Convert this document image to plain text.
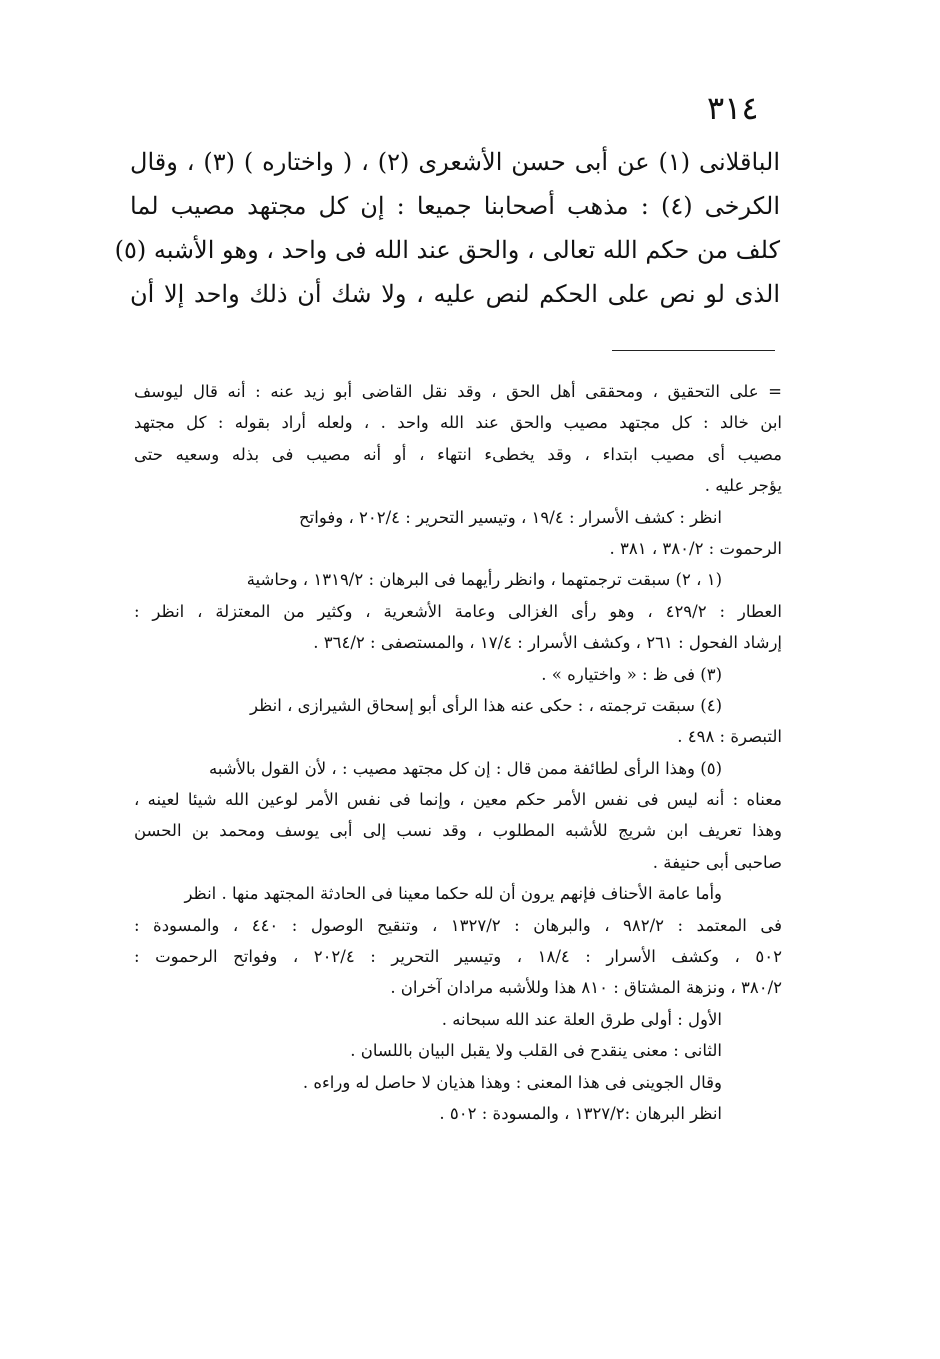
٣١٤
الباقلانى (١) عن أبى حسن الأشعرى (٢) ، ( واختاره ) (٣) ، وقال
الكرخى (٤) : مذهب أصحابنا جميعا : إن كل مجتهد مصيب لما
كلف من حكم الله تعالى ، والحق عند الله فى واحد ، وهو الأشبه (٥)
الذى لو نص على الحكم لنص عليه ، ولا شك أن ذلك واحد إلا أن
= على التحقيق ، ومحققى أهل الحق ، وقد نقل القاضى أبو زيد عنه : أنه قال ليوسف
ابن خالد : كل مجتهد مصيب والحق عند الله واحد . ، ولعله أراد بقوله : كل مجتهد
مصيب أى مصيب ابتداء ، وقد يخطىء انتهاء ، أو أنه مصيب فى بذله وسعيه حتى
يؤجر عليه .
انظر : كشف الأسرار : ١٩/٤ ، وتيسير التحرير : ٢٠٢/٤ ، وفواتح
الرحموت : ٣٨٠/٢ ، ٣٨١ .
(١ ، ٢) سبقت ترجمتهما ، وانظر رأيهما فى البرهان : ١٣١٩/٢ ، وحاشية
العطار : ٤٢٩/٢ ، وهو رأى الغزالى وعامة الأشعرية ، وكثير من المعتزلة ، انظر :
إرشاد الفحول : ٢٦١ ، وكشف الأسرار : ١٧/٤ ، والمستصفى : ٣٦٤/٢ .
(٣) فى ظ : « واختياره » .
(٤) سبقت ترجمته ، : حكى عنه هذا الرأى أبو إسحاق الشيرازى ، انظر
التبصرة : ٤٩٨ .
(٥) وهذا الرأى لطائفة ممن قال : إن كل مجتهد مصيب : ، لأن القول بالأشبه
معناه : أنه ليس فى نفس الأمر حكم معين ، وإنما فى نفس الأمر لوعين الله شيئا لعينه ،
وهذا تعريف ابن شريج للأشبه المطلوب ، وقد نسب إلى أبى يوسف ومحمد بن الحسن
صاحبى أبى حنيفة .
وأما عامة الأحناف فإنهم يرون أن لله حكما معينا فى الحادثة المجتهد منها . انظر
فى المعتمد : ٩٨٢/٢ ، والبرهان : ١٣٢٧/٢ ، وتنقيح الوصول : ٤٤٠ ، والمسودة :
٥٠٢ ، وكشف الأسرار : ١٨/٤ ، وتيسير التحرير : ٢٠٢/٤ ، وفواتح الرحموت :
٣٨٠/٢ ، ونزهة المشتاق : ٨١٠ هذا وللأشبه مرادان آخران .
الأول : أولى طرق العلة عند الله سبحانه .
الثانى : معنى ينقدح فى القلب ولا يقبل البيان باللسان .
وقال الجوينى فى هذا المعنى : وهذا هذيان لا حاصل له وراءه .
انظر البرهان :١٣٢٧/٢ ، والمسودة : ٥٠٢ .
